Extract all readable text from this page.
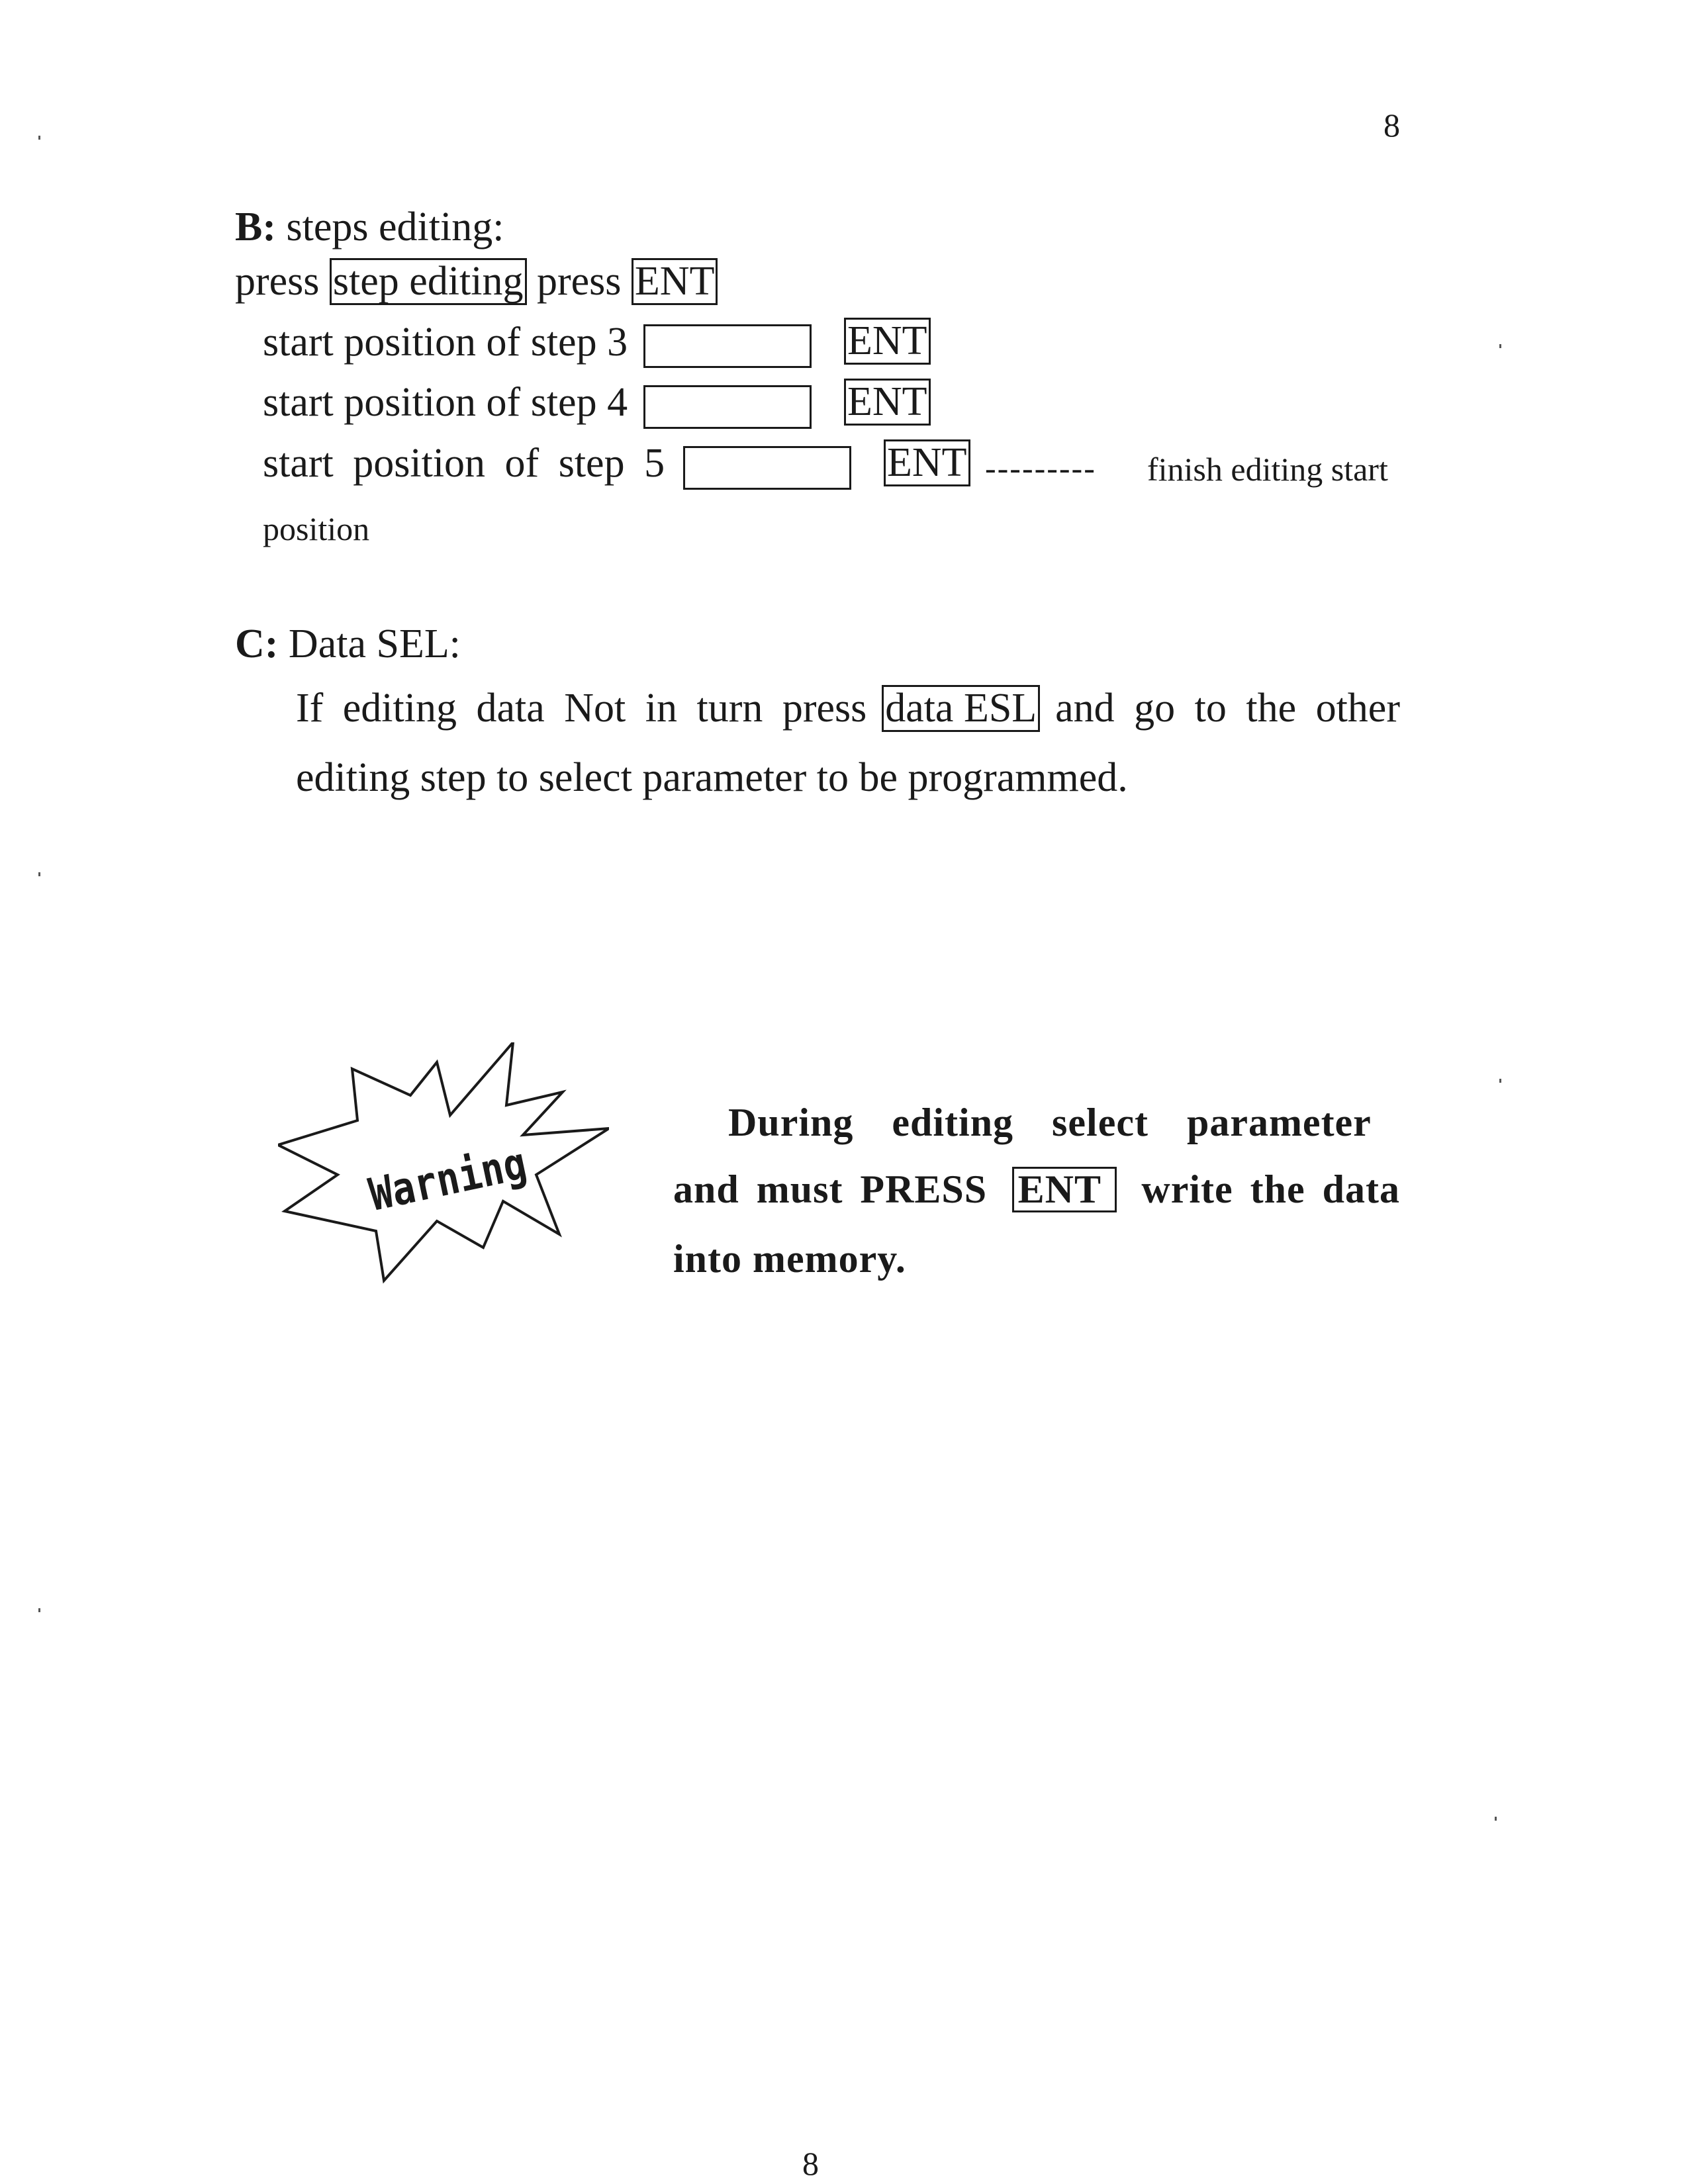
8
B: steps editing:
press step editing press ENT
start position of step 3	ENT
start position of step 4	ENT
start position of step 5	ENT --------- finish editing start
position
C: Data SEL:
If editing data Not in turn press data ESL and go to the other
editing step to select parameter to be programmed.
Warning
During editing select parameter
and must PRESS ENT	write the data
into memory.
8
